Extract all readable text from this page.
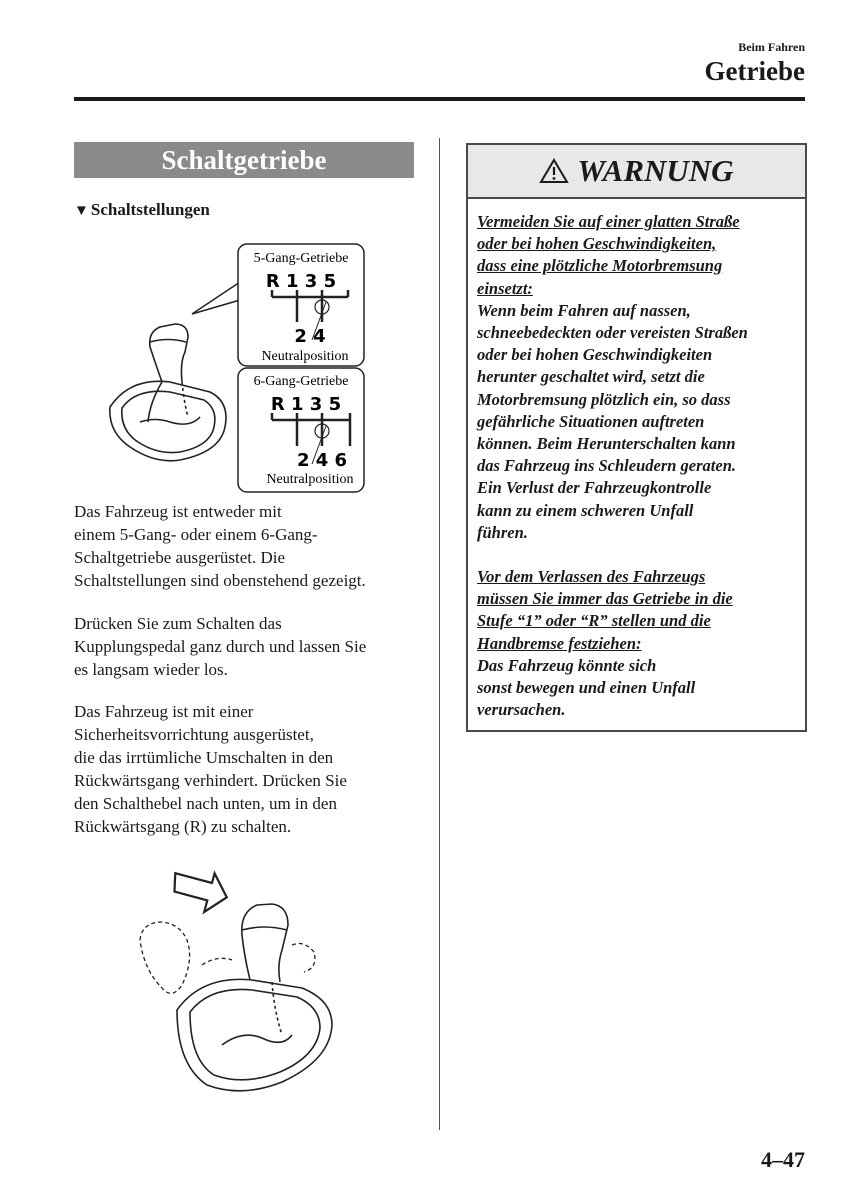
Beim Fahren
Getriebe
Schaltgetriebe
▼ Schaltstellungen
5-Gang-Getriebe
R 1 3 5
2 4
Neutralposition
6-Gang-Getriebe
R 1 3 5
2 4 6
Neutralposition
Das Fahrzeug ist entweder mit
einem 5-Gang- oder einem 6-Gang-
Schaltgetriebe ausgerüstet. Die
Schaltstellungen sind obenstehend gezeigt.
Drücken Sie zum Schalten das
Kupplungspedal ganz durch und lassen Sie
es langsam wieder los.
Das Fahrzeug ist mit einer
Sicherheitsvorrichtung ausgerüstet,
die das irrtümliche Umschalten in den
Rückwärtsgang verhindert. Drücken Sie
den Schalthebel nach unten, um in den
Rückwärtsgang (R) zu schalten.
WARNUNG
Vermeiden Sie auf einer glatten Straße
oder bei hohen Geschwindigkeiten,
dass eine plötzliche Motorbremsung
einsetzt:
Wenn beim Fahren auf nassen,
schneebedeckten oder vereisten Straßen
oder bei hohen Geschwindigkeiten
herunter geschaltet wird, setzt die
Motorbremsung plötzlich ein, so dass
gefährliche Situationen auftreten
können. Beim Herunterschalten kann
das Fahrzeug ins Schleudern geraten.
Ein Verlust der Fahrzeugkontrolle
kann zu einem schweren Unfall
führen.
Vor dem Verlassen des Fahrzeugs
müssen Sie immer das Getriebe in die
Stufe “1” oder “R” stellen und die
Handbremse festziehen:
Das Fahrzeug könnte sich
sonst bewegen und einen Unfall
verursachen.
4–47
